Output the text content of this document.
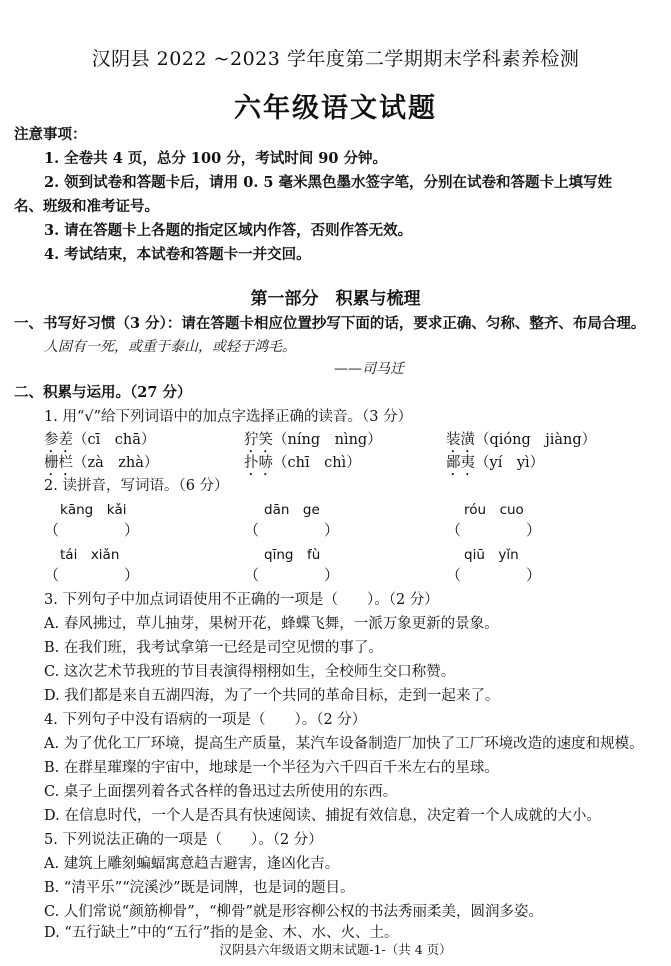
汉阴县 2022 ~2023 学年度第二学期期末学科素养检测
六年级语文试题
注意事项：
1. 全卷共 4 页，总分 100 分，考试时间 90 分钟。
2. 领到试卷和答题卡后，请用 0. 5 毫米黑色墨水签字笔，分别在试卷和答题卡上填写姓
名、班级和准考证号。
3. 请在答题卡上各题的指定区域内作答，否则作答无效。
4. 考试结束，本试卷和答题卡一并交回。
第一部分　积累与梳理
一、书写好习惯（3 分）：请在答题卡相应位置抄写下面的话，要求正确、匀称、整齐、布局合理。
人固有一死，或重于泰山，或轻于鸿毛。
——司马迁
二、积累与运用。（27 分）
1. 用“√”给下列词语中的加点字选择正确的读音。（3 分）
参差（cī　chā）	狞笑（níng　nìng）	装潢（qióng　jiàng）
栅栏（zà　zhà）	扑哧（chī　chì）	鄙夷（yí　yì）
2. 读拼音，写词语。（6 分）
kāng　kǎi	dān　ge	róu　cuo
（	）	（	）	（	）
tái　xiǎn	qīng　fù	qiū　yǐn
（	）	（	）	（	）
3. 下列句子中加点词语使用不正确的一项是（　　）。（2 分）
A. 春风拂过，草儿抽芽，果树开花，蜂蝶飞舞，一派万象更新的景象。
B. 在我们班，我考试拿第一已经是司空见惯的事了。
C. 这次艺术节我班的节目表演得栩栩如生，全校师生交口称赞。
D. 我们都是来自五湖四海，为了一个共同的革命目标，走到一起来了。
4. 下列句子中没有语病的一项是（　　）。（2 分）
A. 为了优化工厂环境，提高生产质量，某汽车设备制造厂加快了工厂环境改造的速度和规模。
B. 在群星璀璨的宇宙中，地球是一个半径为六千四百千米左右的星球。
C. 桌子上面摆列着各式各样的鲁迅过去所使用的东西。
D. 在信息时代，一个人是否具有快速阅读、捕捉有效信息，决定着一个人成就的大小。
5. 下列说法正确的一项是（　　）。（2 分）
A. 建筑上雕刻蝙蝠寓意趋吉避害，逢凶化吉。
B. “清平乐”“浣溪沙”既是词牌，也是词的题目。
C. 人们常说“颜筋柳骨”，“柳骨”就是形容柳公权的书法秀丽柔美，圆润多姿。
D. “五行缺土”中的“五行”指的是金、木、水、火、土。
汉阴县六年级语文期末试题-1-（共 4 页）
